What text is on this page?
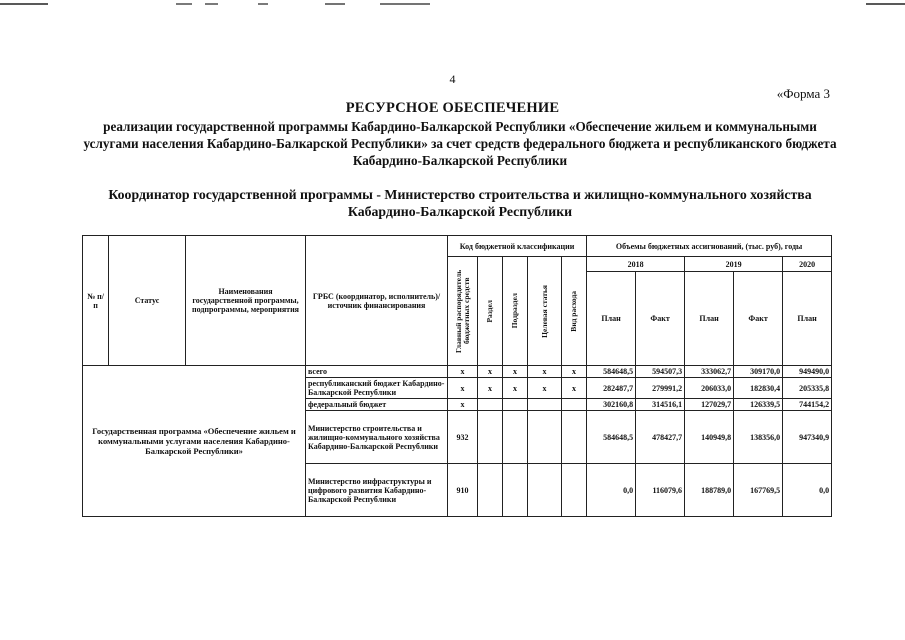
4
«Форма 3
РЕСУРСНОЕ ОБЕСПЕЧЕНИЕ
реализации государственной программы Кабардино-Балкарской Республики «Обеспечение жильем и коммунальными услугами населения Кабардино-Балкарской Республики» за счет средств федерального бюджета и республиканского бюджета Кабардино-Балкарской Республики
Координатор государственной программы - Министерство строительства и жилищно-коммунального хозяйства Кабардино-Балкарской Республики
№ п/п	Статус	Наименования государственной программы, подпрограммы, мероприятия	ГРБС (координатор, исполнитель)/источник финансирования	Код бюджетной классификации					Объемы бюджетных ассигнований, (тыс. руб), годы				

				Главный распорядитель бюджетных средств	Раздел	Подраздел	Целевая статья	Вид расхода	2018		2019		2020
									План	Факт	План	Факт	План
Государственная программа «Обеспечение жильем и коммунальными услугами населения Кабардино-Балкарской Республики»			всего	x	x	x	x	x	584648,5	594507,3	333062,7	309170,0	949490,0
			республиканский бюджет Кабардино- Балкарской Республики	x	x	x	x	x	282487,7	279991,2	206033,0	182830,4	205335,8
			федеральный бюджет	x					302160,8	314516,1	127029,7	126339,5	744154,2
			Министерство строительства и жилищно-коммунального хозяйства Кабардино-Балкарской Республики	932					584648,5	478427,7	140949,8	138356,0	947340,9
			Министерство инфраструктуры и цифрового развития Кабардино-Балкарской Республики	910					0,0	116079,6	188789,0	167769,5	0,0
